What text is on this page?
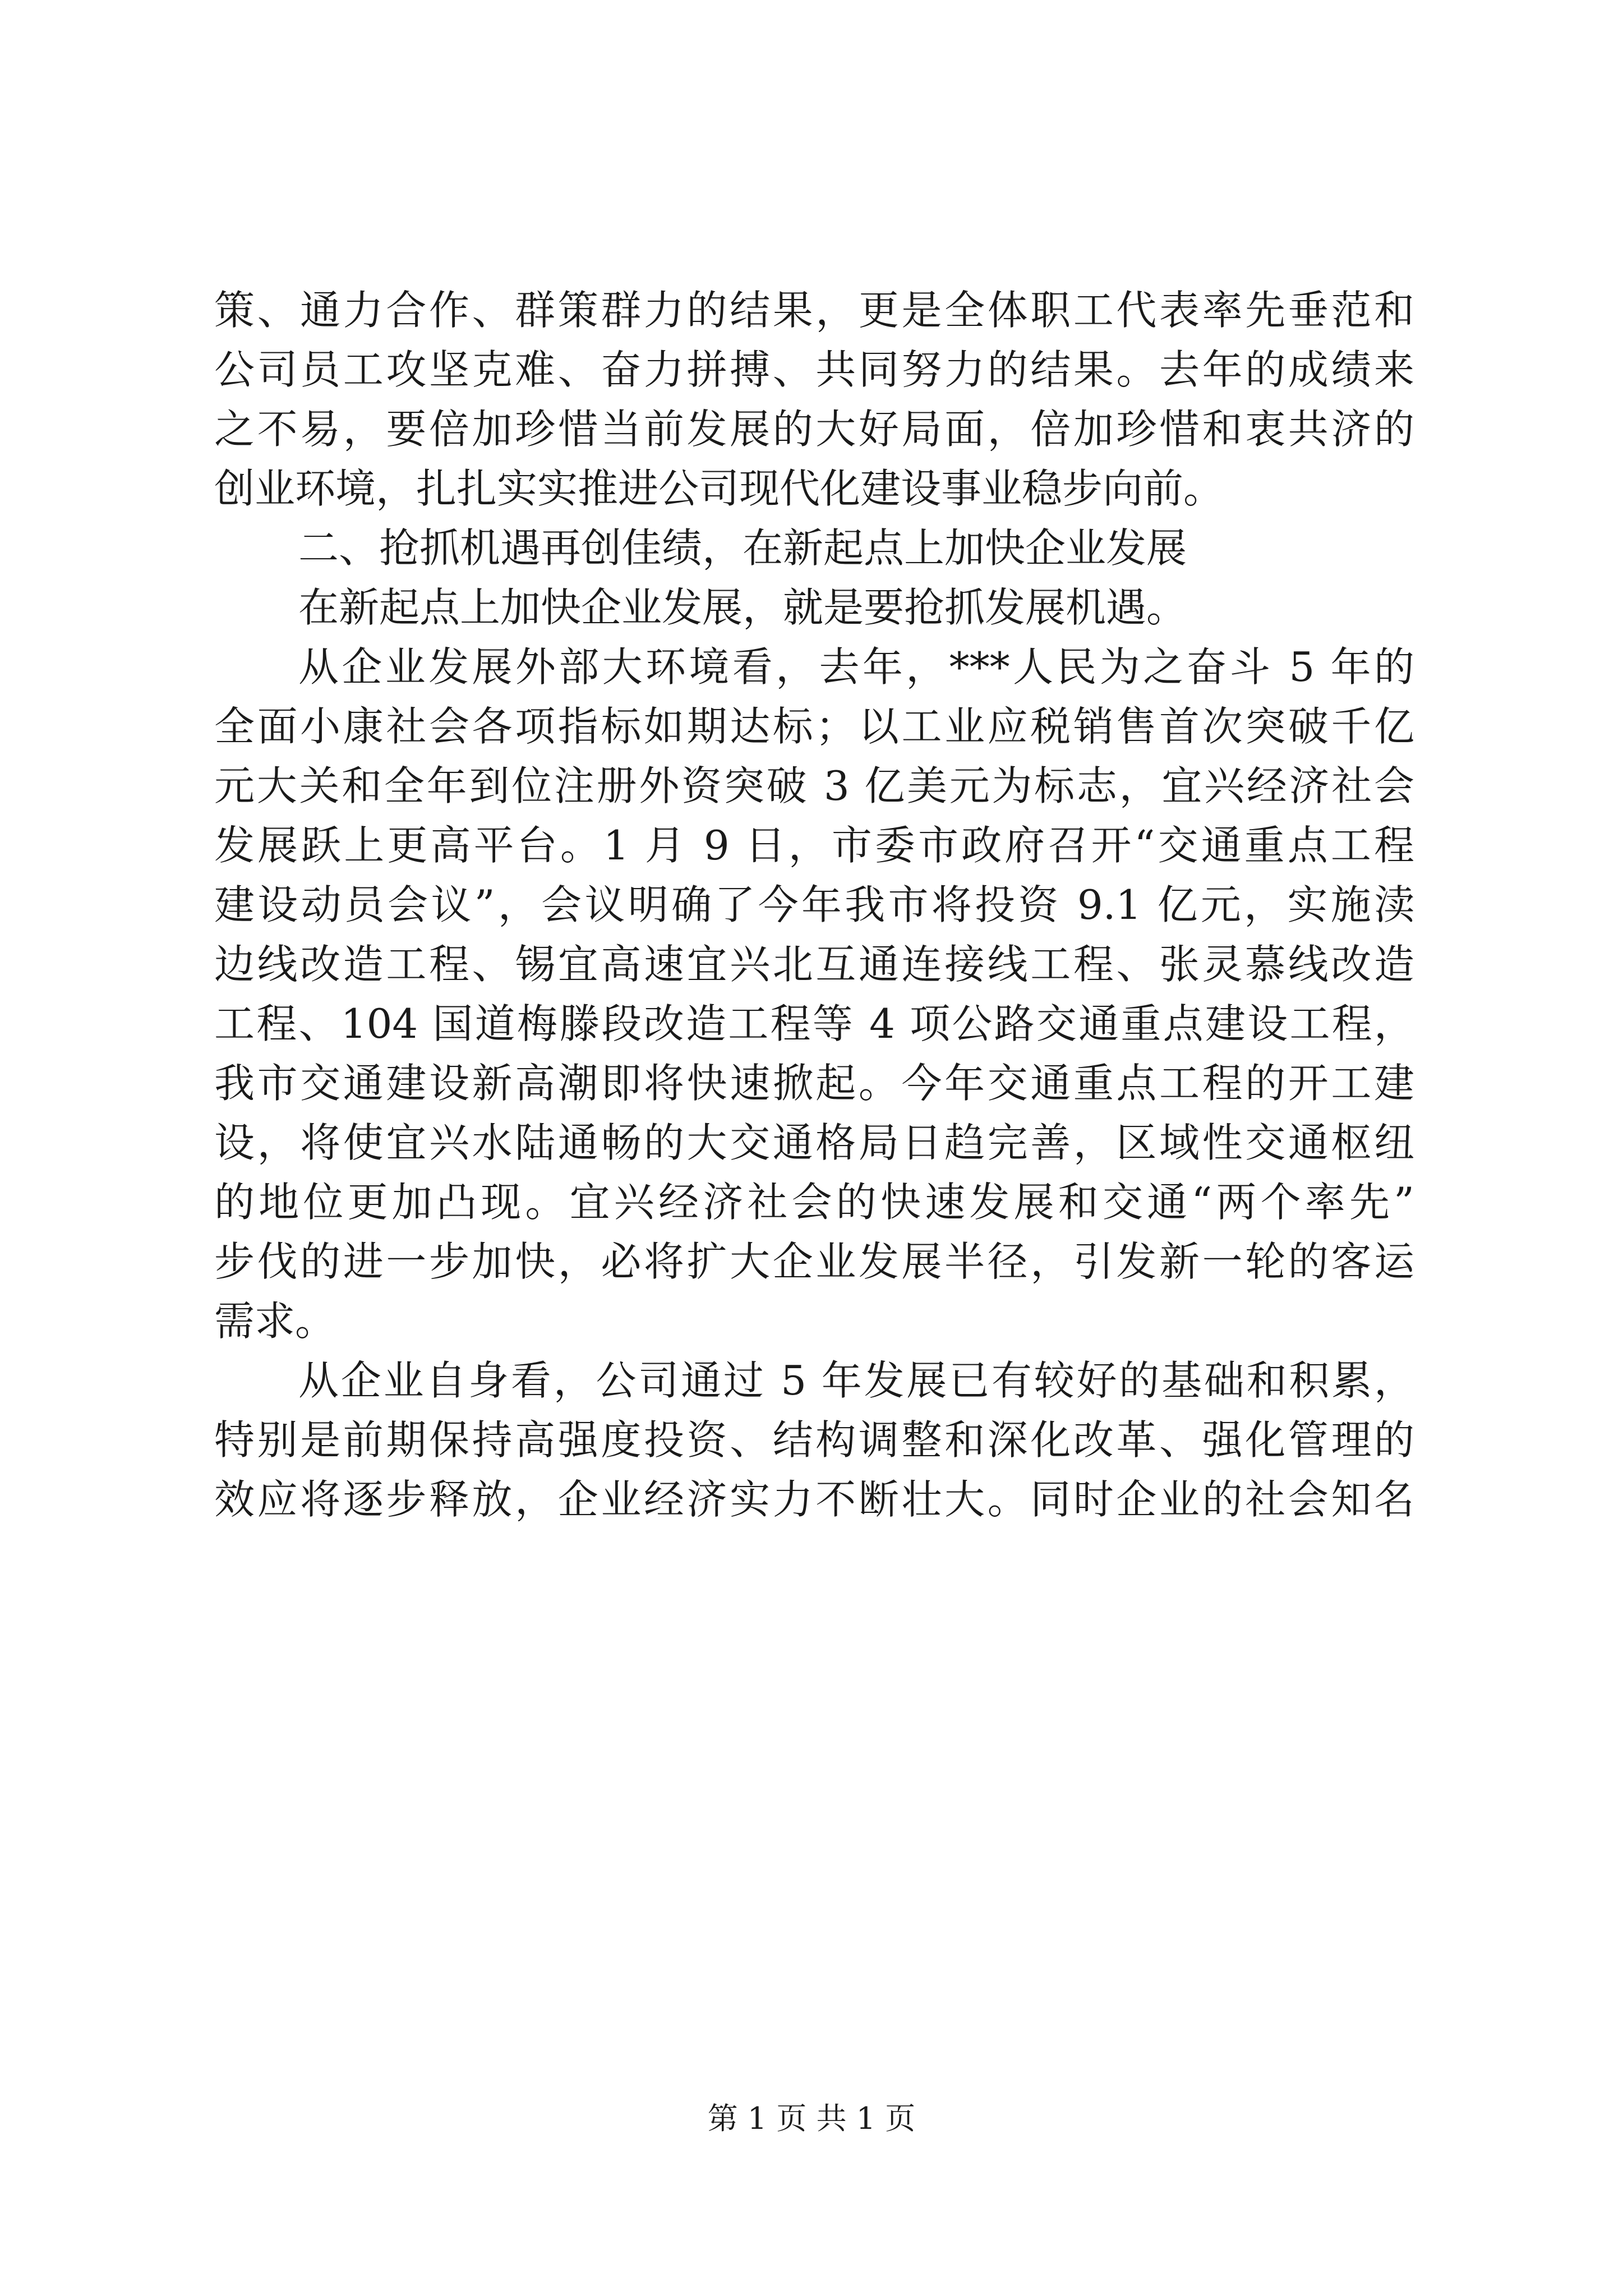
策、通力合作、群策群力的结果，更是全体职工代表率先垂范和
公司员工攻坚克难、奋力拼搏、共同努力的结果。去年的成绩来
之不易，要倍加珍惜当前发展的大好局面，倍加珍惜和衷共济的
创业环境，扎扎实实推进公司现代化建设事业稳步向前。
二、抢抓机遇再创佳绩，在新起点上加快企业发展
在新起点上加快企业发展，就是要抢抓发展机遇。
从企业发展外部大环境看，去年，***人民为之奋斗 5 年的
全面小康社会各项指标如期达标；以工业应税销售首次突破千亿
元大关和全年到位注册外资突破 3 亿美元为标志，宜兴经济社会
发展跃上更高平台。1 月 9 日，市委市政府召开“交通重点工程
建设动员会议”，会议明确了今年我市将投资 9.1 亿元，实施渎
边线改造工程、锡宜高速宜兴北互通连接线工程、张灵慕线改造
工程、104 国道梅滕段改造工程等 4 项公路交通重点建设工程，
我市交通建设新高潮即将快速掀起。今年交通重点工程的开工建
设，将使宜兴水陆通畅的大交通格局日趋完善，区域性交通枢纽
的地位更加凸现。宜兴经济社会的快速发展和交通“两个率先”
步伐的进一步加快，必将扩大企业发展半径，引发新一轮的客运
需求。
从企业自身看，公司通过 5 年发展已有较好的基础和积累，
特别是前期保持高强度投资、结构调整和深化改革、强化管理的
效应将逐步释放，企业经济实力不断壮大。同时企业的社会知名
第 1 页 共 1 页
